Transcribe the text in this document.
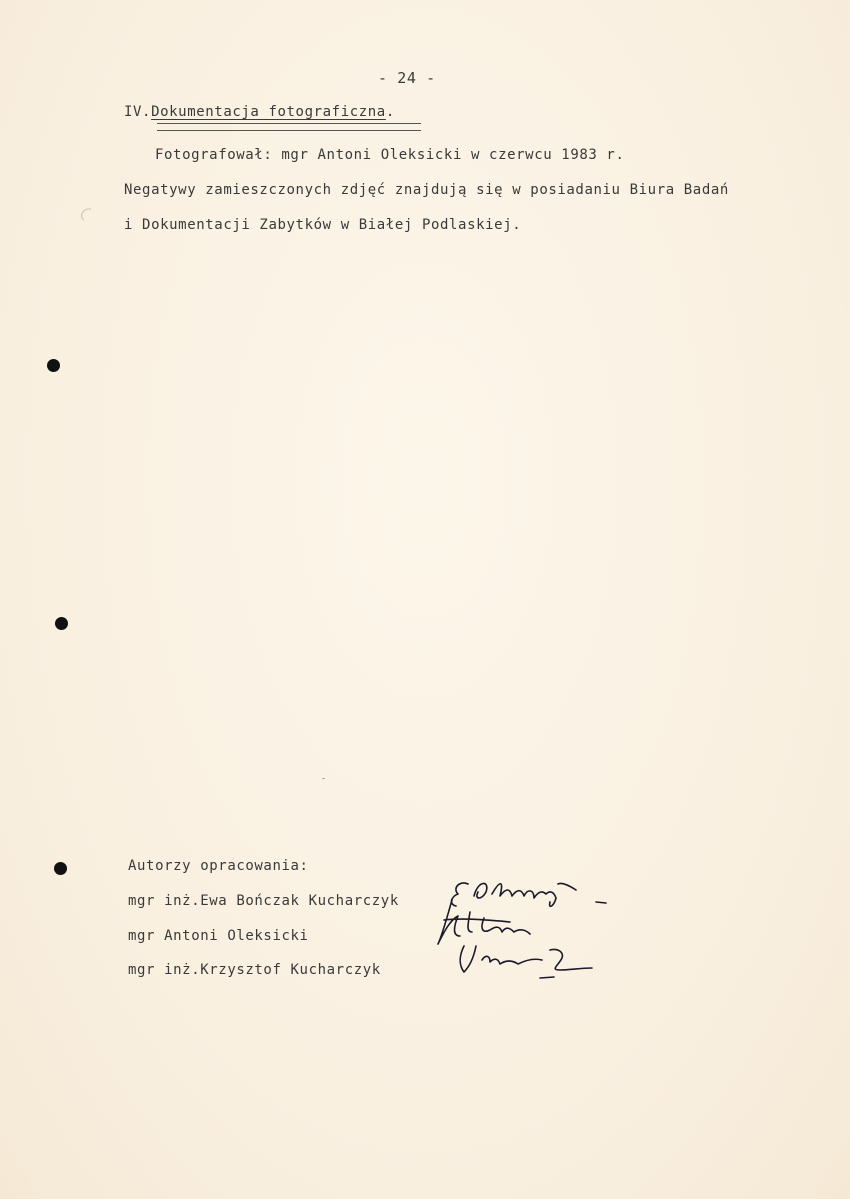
- 24 -
IV.Dokumentacja fotograficzna.
Fotografował: mgr Antoni Oleksicki w czerwcu 1983 r.
Negatywy zamieszczonych zdjęć znajdują się w posiadaniu Biura Badań
i Dokumentacji Zabytków w Białej Podlaskiej.
Autorzy opracowania:
mgr inż.Ewa Bończak Kucharczyk
mgr Antoni Oleksicki
mgr inż.Krzysztof Kucharczyk
